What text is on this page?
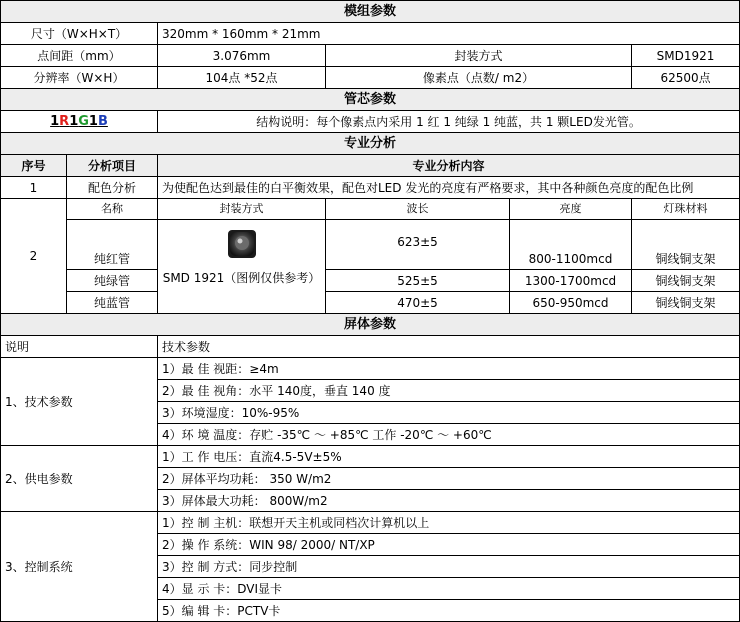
模组参数					
尺寸（W×H×T）		320mm * 160mm * 21mm			
点间距（mm）		3.076mm	封装方式		SMD1921
分辨率（W×H）		104点 *52点	像素点（点数/ m2）		62500点
管芯参数					
1R1G1B		结构说明：每个像素点内采用 1 红 1 纯绿 1 纯蓝，共 1 颗LED发光管。			
专业分析					
序号	分析项目	专业分析内容			
1	配色分析	为使配色达到最佳的白平衡效果，配色对LED 发光的亮度有严格要求，其中各种颜色亮度的配色比例			
2	名称	封装方式	波长	亮度	灯珠材料
	纯红管	SMD 1921（图例仅供参考）	623±5	800-1100mcd	铜线铜支架
	纯绿管		525±5	1300-1700mcd	铜线铜支架
	纯蓝管		470±5	650-950mcd	铜线铜支架
屏体参数					
说明		技术参数			
1、技术参数		1）最 佳 视距：≥4m			
		2）最 佳 视角：水平 140度，垂直 140 度			
		3）环境湿度：10%-95%			
		4）环 境 温度：存贮 -35℃ ～ +85℃ 工作 -20℃ ～ +60℃			
2、供电参数		1）工 作 电压：直流4.5-5V±5%			
		2）屏体平均功耗： 350 W/m2			
		3）屏体最大功耗： 800W/m2			
3、控制系统		1）控 制 主机：联想开天主机或同档次计算机以上			
		2）操 作 系统：WIN 98/ 2000/ NT/XP			
		3）控 制 方式：同步控制			
		4）显 示 卡：DVI显卡			
		5）编 辑 卡：PCTV卡			
